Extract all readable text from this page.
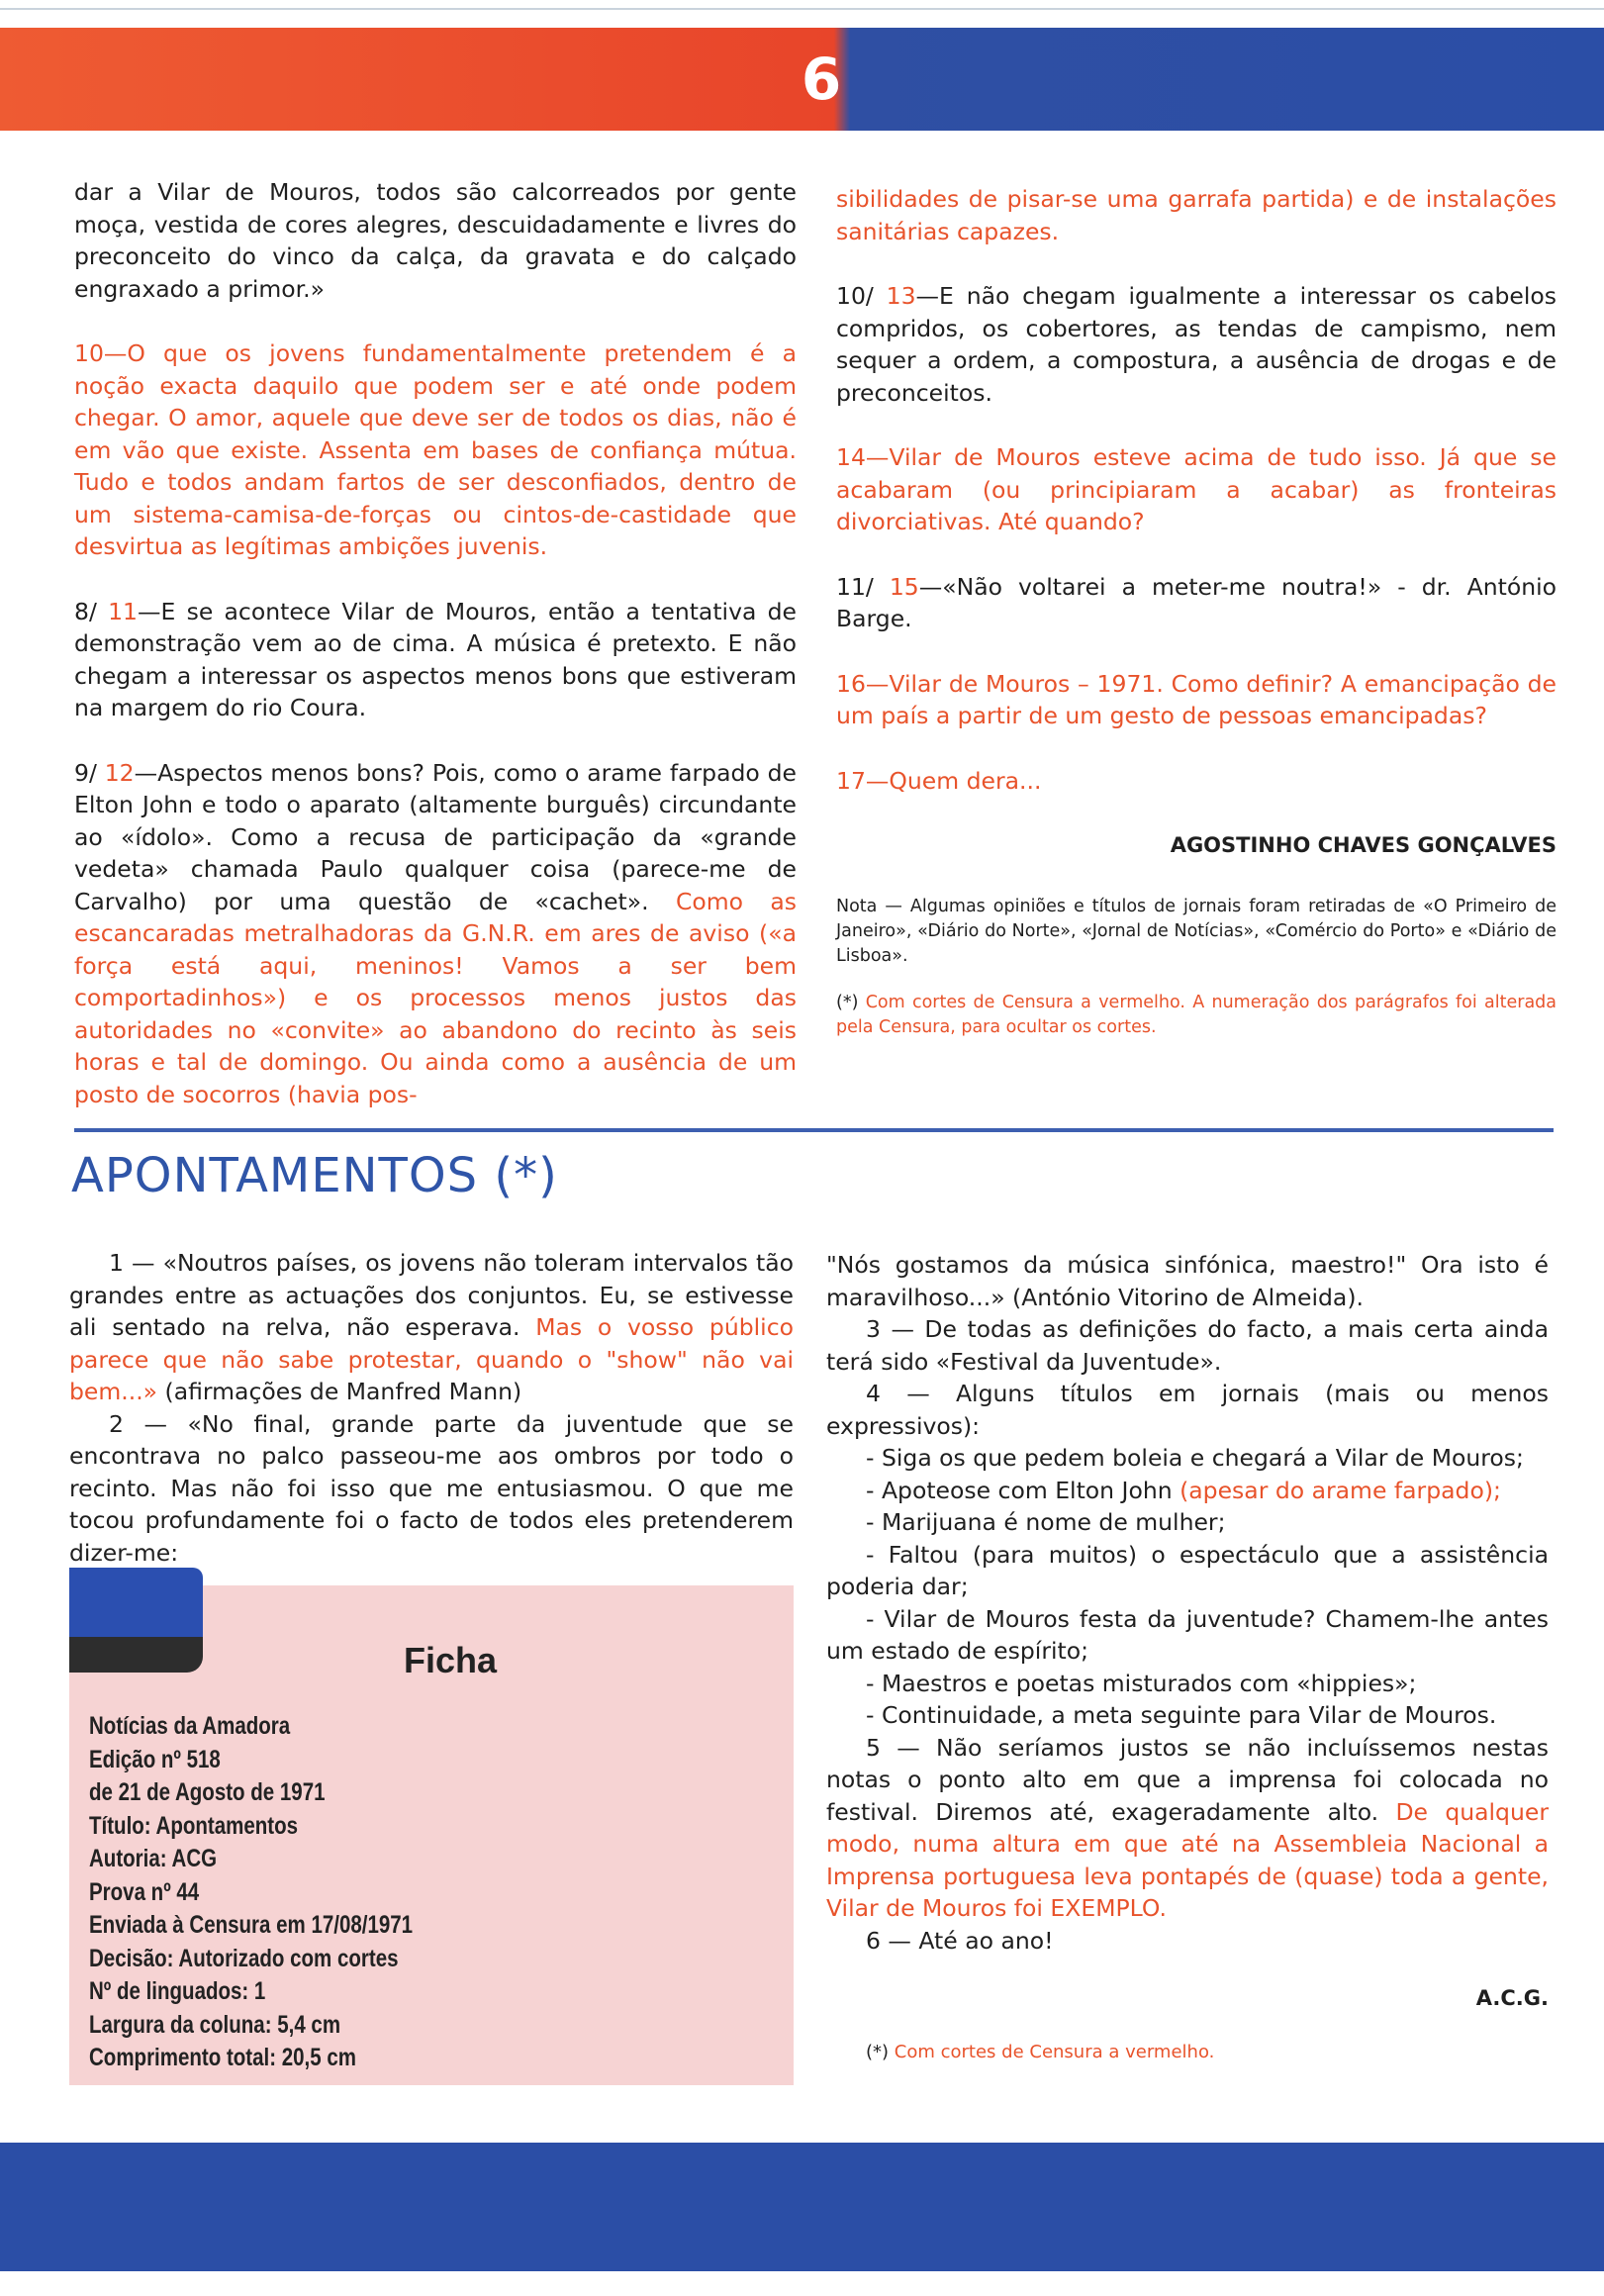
6

dar a Vilar de Mouros, todos são calcorreados por gente moça, vestida de cores alegres, descuidadamente e livres do preconceito do vinco da calça, da gravata e do calçado engraxado a primor.»

10—O que os jovens fundamentalmente pretendem é a noção exacta daquilo que podem ser e até onde podem chegar. O amor, aquele que deve ser de todos os dias, não é em vão que existe. Assenta em bases de confiança mútua. Tudo e todos andam fartos de ser desconfiados, dentro de um sistema-camisa-de-forças ou cintos-de-castidade que desvirtua as legítimas ambições juvenis.

8/ 11—E se acontece Vilar de Mouros, então a tentativa de demonstração vem ao de cima. A música é pretexto. E não chegam a interessar os aspectos menos bons que estiveram na margem do rio Coura.

9/ 12—Aspectos menos bons? Pois, como o arame farpado de Elton John e todo o aparato (altamente burguês) circundante ao «ídolo». Como a recusa de participação da «grande vedeta» chamada Paulo qualquer coisa (parece-me de Carvalho) por uma questão de «cachet». Como as escancaradas metralhadoras da G.N.R. em ares de aviso («a força está aqui, meninos! Vamos a ser bem comportadinhos») e os processos menos justos das autoridades no «convite» ao abandono do recinto às seis horas e tal de domingo. Ou ainda como a ausência de um posto de socorros (havia pos-

sibilidades de pisar-se uma garrafa partida) e de instalações sanitárias capazes.

10/ 13—E não chegam igualmente a interessar os cabelos compridos, os cobertores, as tendas de campismo, nem sequer a ordem, a compostura, a ausência de drogas e de preconceitos.

14—Vilar de Mouros esteve acima de tudo isso. Já que se acabaram (ou principiaram a acabar) as fronteiras divorciativas. Até quando?

11/ 15—«Não voltarei a meter-me noutra!» - dr. António Barge.

16—Vilar de Mouros – 1971. Como definir? A emancipação de um país a partir de um gesto de pessoas emancipadas?

17—Quem dera...

AGOSTINHO CHAVES GONÇALVES

Nota — Algumas opiniões e títulos de jornais foram retiradas de «O Primeiro de Janeiro», «Diário do Norte», «Jornal de Notícias», «Comércio do Porto» e «Diário de Lisboa».

(*) Com cortes de Censura a vermelho. A numeração dos parágrafos foi alterada pela Censura, para ocultar os cortes.

APONTAMENTOS (*)

1 — «Noutros países, os jovens não toleram intervalos tão grandes entre as actuações dos conjuntos. Eu, se estivesse ali sentado na relva, não esperava. Mas o vosso público parece que não sabe protestar, quando o "show" não vai bem...» (afirmações de Manfred Mann)

2 — «No final, grande parte da juventude que se encontrava no palco passeou-me aos ombros por todo o recinto. Mas não foi isso que me entusiasmou. O que me tocou profundamente foi o facto de todos eles pretenderem dizer-me:

"Nós gostamos da música sinfónica, maestro!" Ora isto é maravilhoso...» (António Vitorino de Almeida).

3 — De todas as definições do facto, a mais certa ainda terá sido «Festival da Juventude».

4 — Alguns títulos em jornais (mais ou menos expressivos):

- Siga os que pedem boleia e chegará a Vilar de Mouros;

- Apoteose com Elton John (apesar do arame farpado);

- Marijuana é nome de mulher;

- Faltou (para muitos) o espectáculo que a assistência poderia dar;

- Vilar de Mouros festa da juventude? Chamem-lhe antes um estado de espírito;

- Maestros e poetas misturados com «hippies»;

- Continuidade, a meta seguinte para Vilar de Mouros.

5 — Não seríamos justos se não incluíssemos nestas notas o ponto alto em que a imprensa foi colocada no festival. Diremos até, exageradamente alto. De qualquer modo, numa altura em que até na Assembleia Nacional a Imprensa portuguesa leva pontapés de (quase) toda a gente, Vilar de Mouros foi EXEMPLO.

6 — Até ao ano!

A.C.G.

(*) Com cortes de Censura a vermelho.

Ficha
Notícias da Amadora
Edição nº 518
de 21 de Agosto de 1971
Título: Apontamentos
Autoria: ACG
Prova nº 44
Enviada à Censura em 17/08/1971
Decisão: Autorizado com cortes
Nº de linguados: 1
Largura da coluna: 5,4 cm
Comprimento total: 20,5 cm
